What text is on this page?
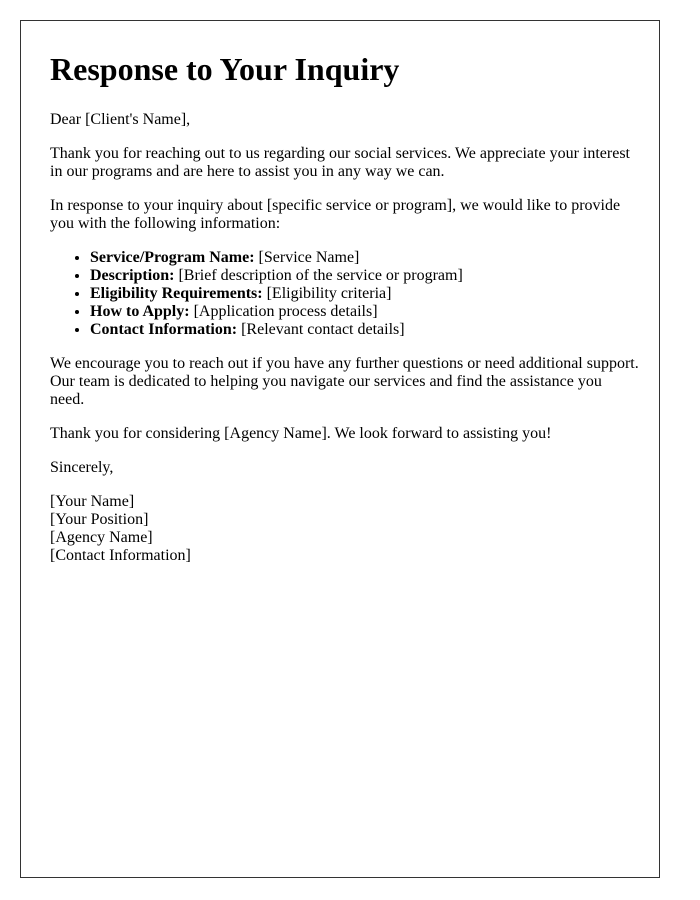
Response to Your Inquiry

Dear [Client's Name],

Thank you for reaching out to us regarding our social services. We appreciate your interest in our programs and are here to assist you in any way we can.

In response to your inquiry about [specific service or program], we would like to provide you with the following information:

• Service/Program Name: [Service Name]
• Description: [Brief description of the service or program]
• Eligibility Requirements: [Eligibility criteria]
• How to Apply: [Application process details]
• Contact Information: [Relevant contact details]

We encourage you to reach out if you have any further questions or need additional support. Our team is dedicated to helping you navigate our services and find the assistance you need.

Thank you for considering [Agency Name]. We look forward to assisting you!

Sincerely,

[Your Name]
[Your Position]
[Agency Name]
[Contact Information]
